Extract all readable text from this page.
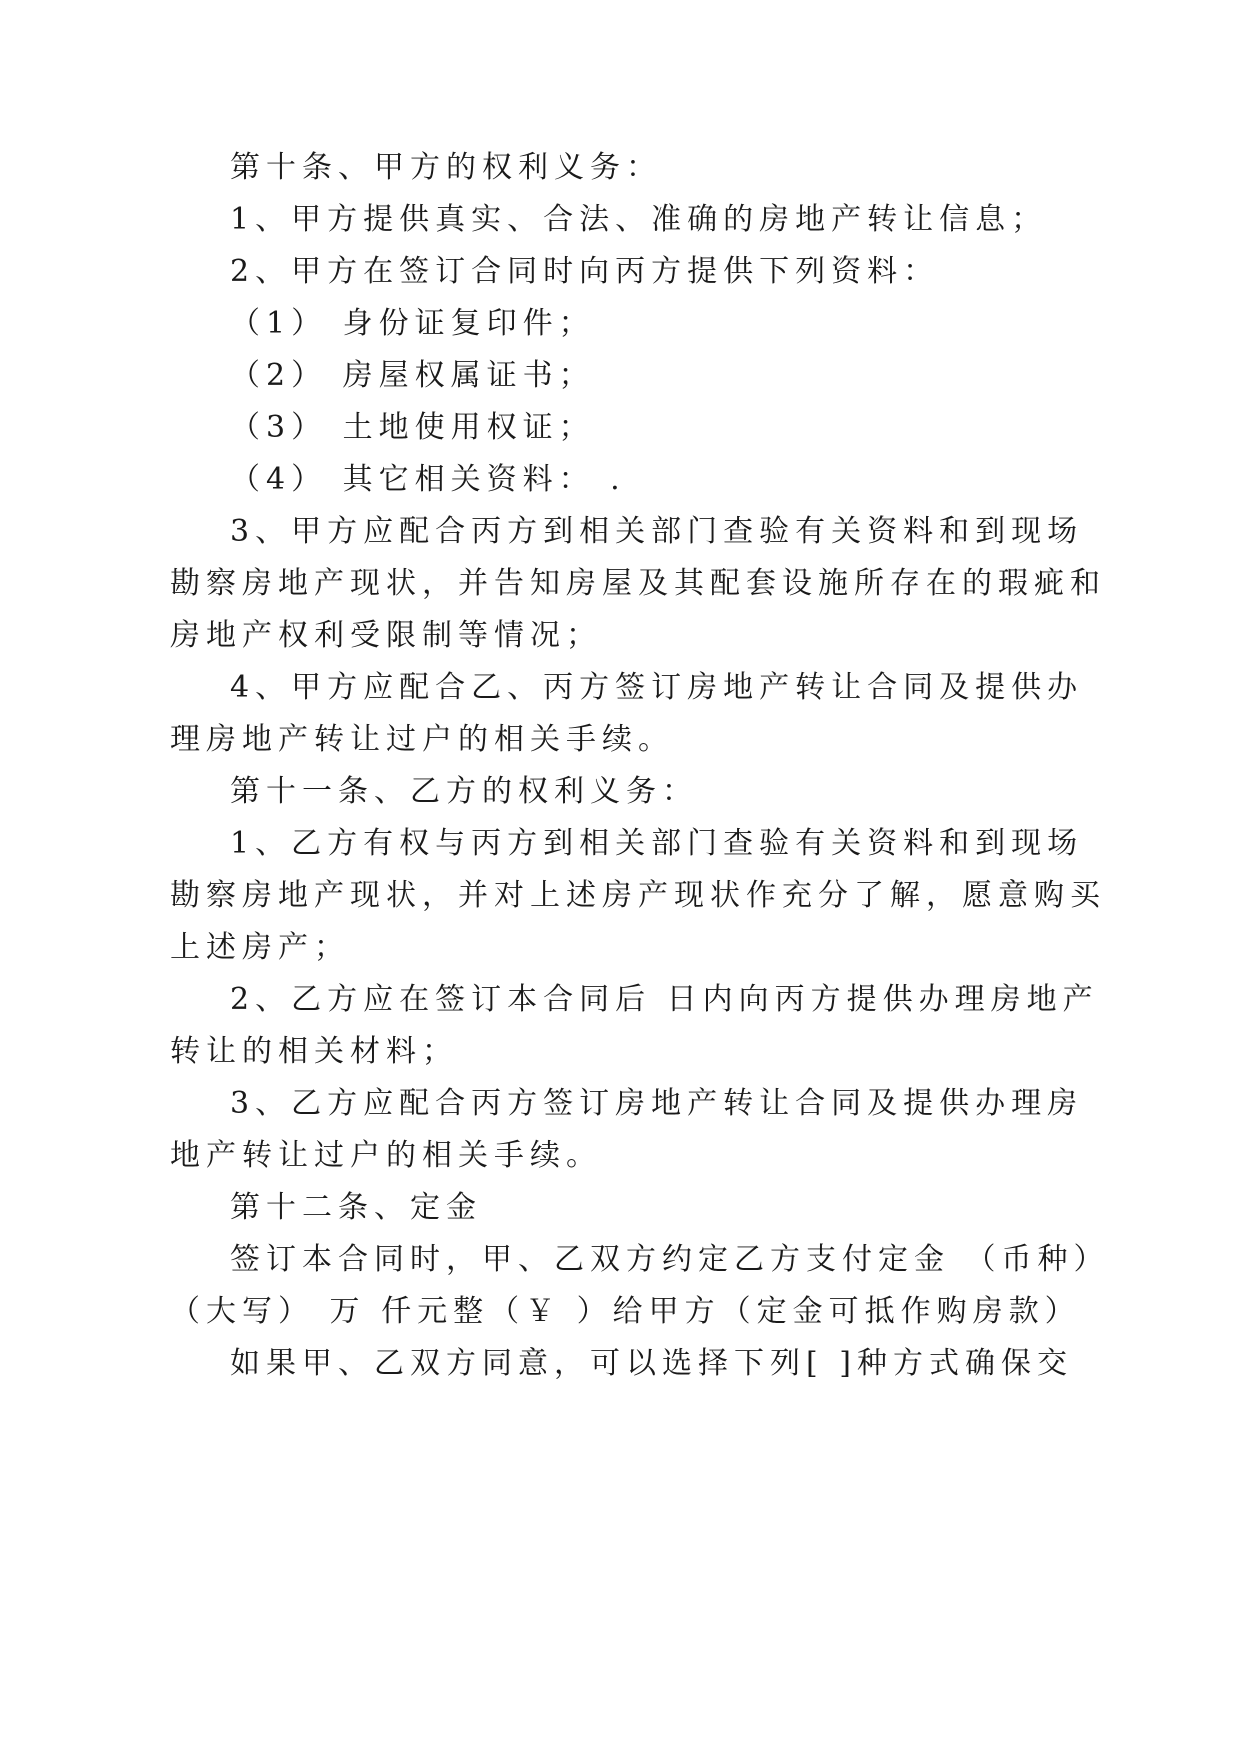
第十条、甲方的权利义务：

1、甲方提供真实、合法、准确的房地产转让信息；

2、甲方在签订合同时向丙方提供下列资料：

（1） 身份证复印件；

（2） 房屋权属证书；

（3） 土地使用权证；

（4） 其它相关资料： .

3、甲方应配合丙方到相关部门查验有关资料和到现场

勘察房地产现状，并告知房屋及其配套设施所存在的瑕疵和

房地产权利受限制等情况；

4、甲方应配合乙、丙方签订房地产转让合同及提供办

理房地产转让过户的相关手续。

第十一条、乙方的权利义务：

1、乙方有权与丙方到相关部门查验有关资料和到现场

勘察房地产现状，并对上述房产现状作充分了解，愿意购买

上述房产；

2、乙方应在签订本合同后 日内向丙方提供办理房地产

转让的相关材料；

3、乙方应配合丙方签订房地产转让合同及提供办理房

地产转让过户的相关手续。

第十二条、定金

签订本合同时，甲、乙双方约定乙方支付定金 （币种）

（大写） 万 仟元整（￥ ）给甲方（定金可抵作购房款）

如果甲、乙双方同意，可以选择下列[ ]种方式确保交
